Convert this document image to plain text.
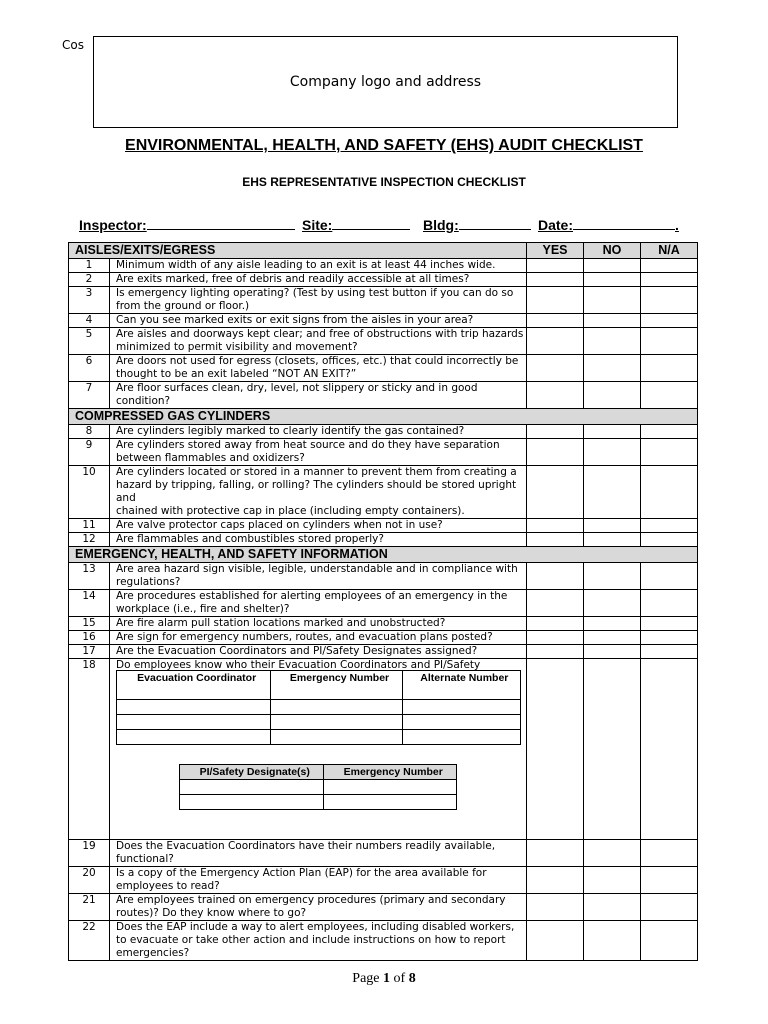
Cos
Company logo and address
ENVIRONMENTAL, HEALTH, AND SAFETY (EHS) AUDIT CHECKLIST
EHS REPRESENTATIVE INSPECTION CHECKLIST
Inspector:	Site:	Bldg:	Date:	.
AISLES/EXITS/EGRESS	YES	NO	N/A
1	Minimum width of any aisle leading to an exit is at least 44 inches wide.			
2	Are exits marked, free of debris and readily accessible at all times?			
3	Is emergency lighting operating? (Test by using test button if you can do so from the ground or floor.)			
4	Can you see marked exits or exit signs from the aisles in your area?			
5	Are aisles and doorways kept clear; and free of obstructions with trip hazards minimized to permit visibility and movement?			
6	Are doors not used for egress (closets, offices, etc.) that could incorrectly be thought to be an exit labeled “NOT AN EXIT?”			
7	Are floor surfaces clean, dry, level, not slippery or sticky and in good condition?			
COMPRESSED GAS CYLINDERS
8	Are cylinders legibly marked to clearly identify the gas contained?			
9	Are cylinders stored away from heat source and do they have separation between flammables and oxidizers?			
10	Are cylinders located or stored in a manner to prevent them from creating a hazard by tripping, falling, or rolling? The cylinders should be stored upright and
chained with protective cap in place (including empty containers).			
11	Are valve protector caps placed on cylinders when not in use?			
12	Are flammables and combustibles stored properly?			
EMERGENCY, HEALTH, AND SAFETY INFORMATION
13	Are area hazard sign visible, legible, understandable and in compliance with regulations?			
14	Are procedures established for alerting employees of an emergency in the workplace (i.e., fire and shelter)?			
15	Are fire alarm pull station locations marked and unobstructed?			
16	Are sign for emergency numbers, routes, and evacuation plans posted?			
17	Are the Evacuation Coordinators and PI/Safety Designates assigned?			
18	Do employees know who their Evacuation Coordinators and PI/Safety
Evacuation Coordinator	Emergency Number	Alternate Number

PI/Safety Designate(s)	Emergency Number

19	Does the Evacuation Coordinators have their numbers readily available, functional?			
20	Is a copy of the Emergency Action Plan (EAP) for the area available for employees to read?			
21	Are employees trained on emergency procedures (primary and secondary routes)? Do they know where to go?			
22	Does the EAP include a way to alert employees, including disabled workers, to evacuate or take other action and include instructions on how to report emergencies?			
Page 1 of 8
